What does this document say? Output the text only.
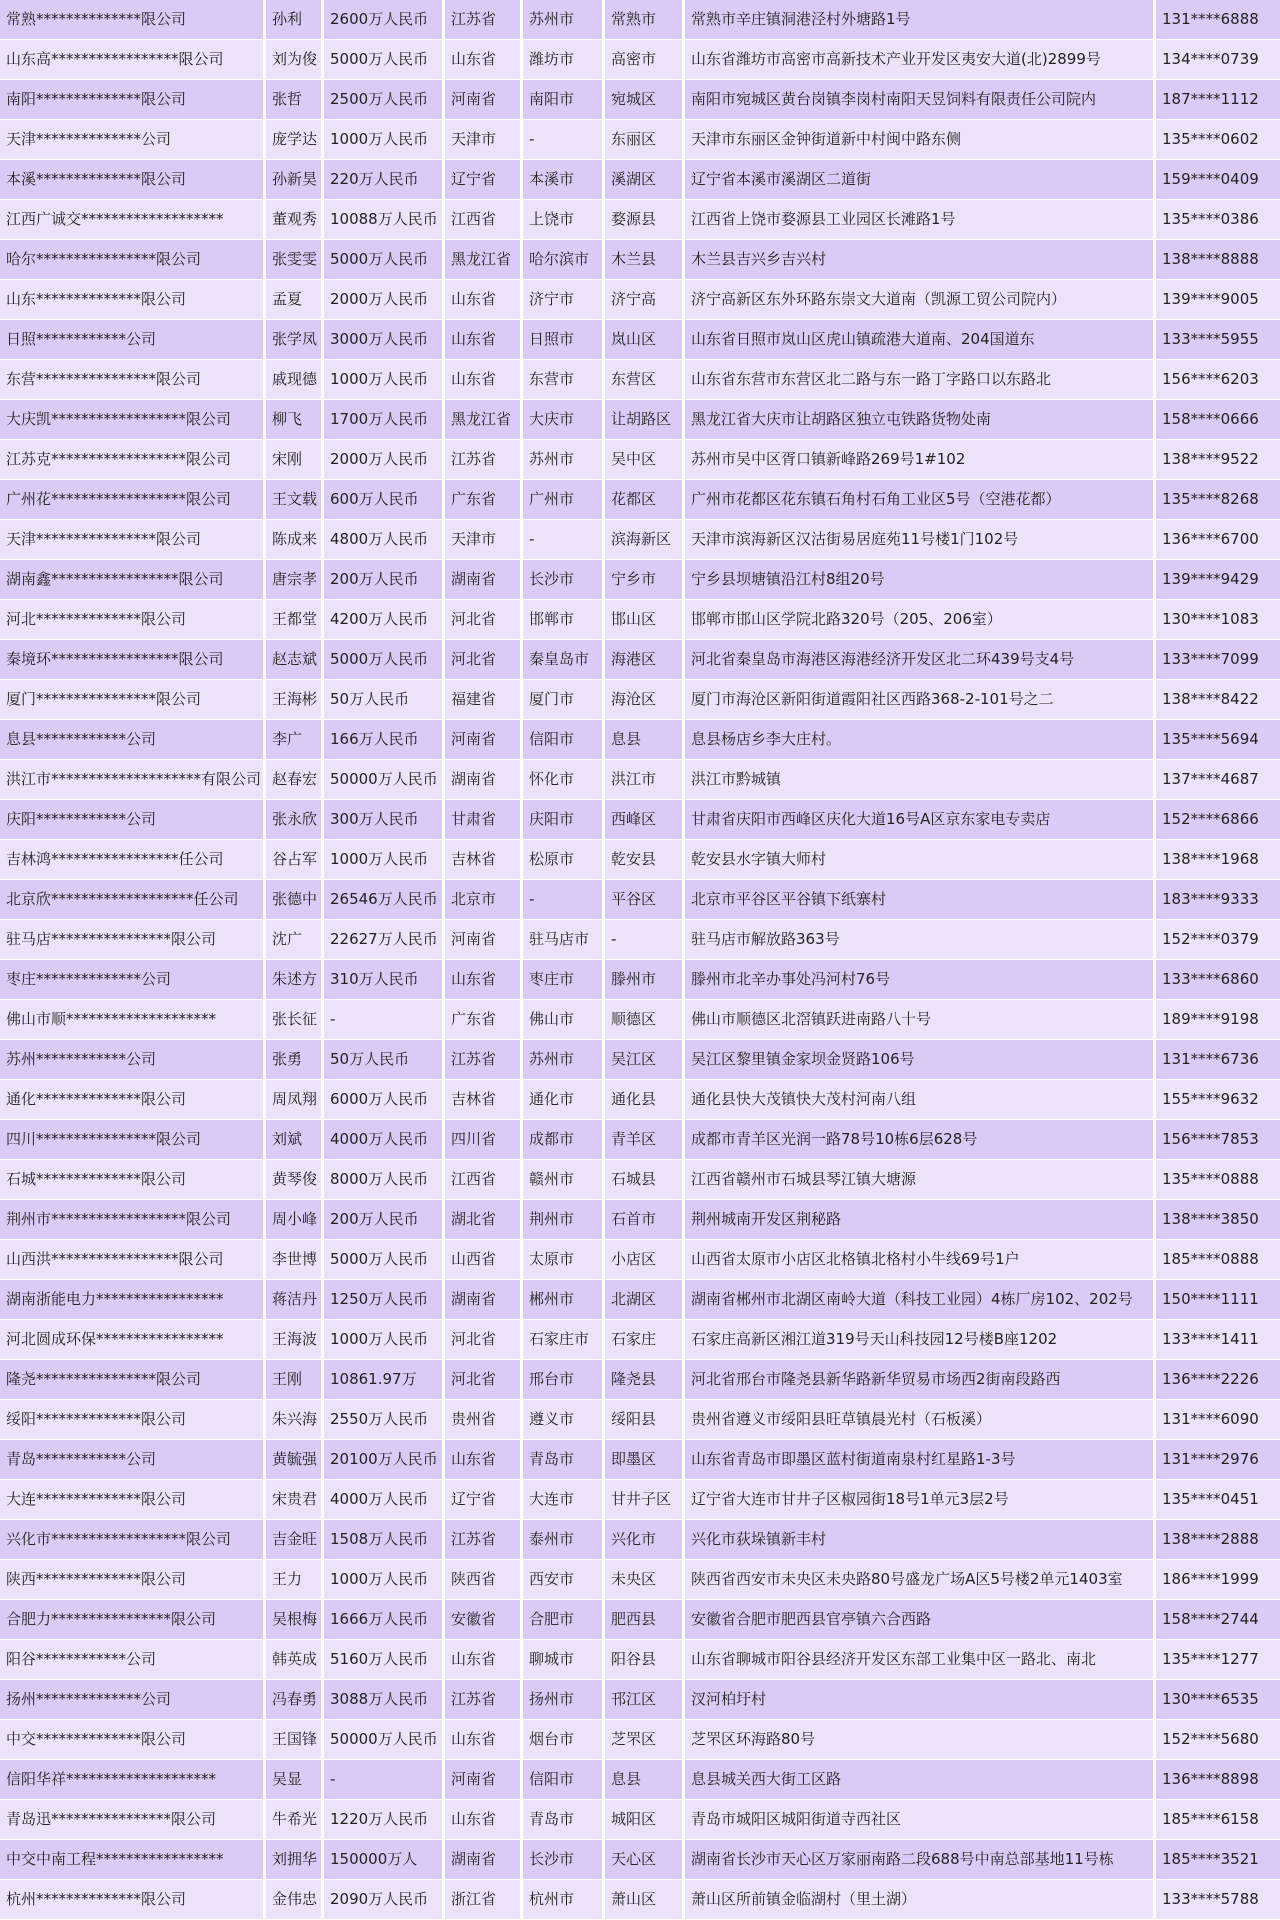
常熟**************限公司	孙利	2600万人民币	江苏省	苏州市	常熟市	常熟市辛庄镇洞港泾村外塘路1号	131****6888
山东高*****************限公司	刘为俊 5000万人民币	山东省	潍坊市	高密市	山东省潍坊市高密市高新技术产业开发区夷安大道(北)2899号	134****0739
南阳**************限公司	张哲	2500万人民币	河南省	南阳市	宛城区	南阳市宛城区黄台岗镇李岗村南阳天昱饲料有限责任公司院内	187****1112
天津**************公司	庞学达 1000万人民币	天津市	-	东丽区	天津市东丽区金钟街道新中村闽中路东侧	135****0602
本溪**************限公司	孙新昊 220万人民币	辽宁省	本溪市	溪湖区	辽宁省本溪市溪湖区二道街	159****0409
江西广诚交*******************	董观秀 10088万人民币 江西省	上饶市	婺源县	江西省上饶市婺源县工业园区长滩路1号	135****0386
哈尔****************限公司	张雯雯 5000万人民币	黑龙江省	哈尔滨市	木兰县	木兰县吉兴乡吉兴村	138****8888
山东**************限公司	孟夏	2000万人民币	山东省	济宁市	济宁高	济宁高新区东外环路东崇文大道南（凯源工贸公司院内）	139****9005
日照************公司	张学凤 3000万人民币	山东省	日照市	岚山区	山东省日照市岚山区虎山镇疏港大道南、204国道东	133****5955
东营****************限公司	戚现德 1000万人民币	山东省	东营市	东营区	山东省东营市东营区北二路与东一路丁字路口以东路北	156****6203
大庆凯******************限公司	柳飞	1700万人民币	黑龙江省	大庆市	让胡路区	黑龙江省大庆市让胡路区独立屯铁路货物处南	158****0666
江苏克******************限公司	宋刚	2000万人民币	江苏省	苏州市	吴中区	苏州市吴中区胥口镇新峰路269号1#102	138****9522
广州花******************限公司	王文载 600万人民币	广东省	广州市	花都区	广州市花都区花东镇石角村石角工业区5号（空港花都）	135****8268
天津****************限公司	陈成来 4800万人民币	天津市	-	滨海新区	天津市滨海新区汉沽街易居庭苑11号楼1门102号	136****6700
湖南鑫*****************限公司	唐宗孝 200万人民币	湖南省	长沙市	宁乡市	宁乡县坝塘镇沿江村8组20号	139****9429
河北**************限公司	王都堂 4200万人民币	河北省	邯郸市	邯山区	邯郸市邯山区学院北路320号（205、206室）	130****1083
秦境环*****************限公司	赵志斌 5000万人民币	河北省	秦皇岛市	海港区	河北省秦皇岛市海港区海港经济开发区北二环439号支4号	133****7099
厦门****************限公司	王海彬 50万人民币	福建省	厦门市	海沧区	厦门市海沧区新阳街道霞阳社区西路368-2-101号之二	138****8422
息县************公司	李广	166万人民币	河南省	信阳市	息县	息县杨店乡李大庄村。	135****5694
洪江市********************有限公司 赵春宏 50000万人民币 湖南省	怀化市	洪江市	洪江市黔城镇	137****4687
庆阳************公司	张永欣 300万人民币	甘肃省	庆阳市	西峰区	甘肃省庆阳市西峰区庆化大道16号A区京东家电专卖店	152****6866
吉林鸿*****************任公司	谷占军 1000万人民币	吉林省	松原市	乾安县	乾安县水字镇大师村	138****1968
北京欣*******************任公司	张德中 26546万人民币 北京市	-	平谷区	北京市平谷区平谷镇下纸寨村	183****9333
驻马店****************限公司	沈广	22627万人民币 河南省	驻马店市	-	驻马店市解放路363号	152****0379
枣庄**************公司	朱述方 310万人民币	山东省	枣庄市	滕州市	滕州市北辛办事处冯河村76号	133****6860
佛山市顺********************	张长征 -	广东省	佛山市	顺德区	佛山市顺德区北滘镇跃进南路八十号	189****9198
苏州************公司	张勇	50万人民币	江苏省	苏州市	吴江区	吴江区黎里镇金家坝金贤路106号	131****6736
通化**************限公司	周凤翔 6000万人民币	吉林省	通化市	通化县	通化县快大茂镇快大茂村河南八组	155****9632
四川****************限公司	刘斌	4000万人民币	四川省	成都市	青羊区	成都市青羊区光润一路78号10栋6层628号	156****7853
石城**************限公司	黄琴俊 8000万人民币	江西省	赣州市	石城县	江西省赣州市石城县琴江镇大塘源	135****0888
荆州市******************限公司	周小峰 200万人民币	湖北省	荆州市	石首市	荆州城南开发区荆秘路	138****3850
山西洪*****************限公司	李世博 5000万人民币	山西省	太原市	小店区	山西省太原市小店区北格镇北格村小牛线69号1户	185****0888
湖南浙能电力*****************	蒋洁丹 1250万人民币	湖南省	郴州市	北湖区	湖南省郴州市北湖区南岭大道（科技工业园）4栋厂房102、202号	150****1111
河北圆成环保*****************	王海波 1000万人民币	河北省	石家庄市	石家庄	石家庄高新区湘江道319号天山科技园12号楼B座1202	133****1411
隆尧****************限公司	王刚	10861.97万	河北省	邢台市	隆尧县	河北省邢台市隆尧县新华路新华贸易市场西2街南段路西	136****2226
绥阳**************限公司	朱兴海 2550万人民币	贵州省	遵义市	绥阳县	贵州省遵义市绥阳县旺草镇晨光村（石板溪）	131****6090
青岛************公司	黄毓强 20100万人民币 山东省	青岛市	即墨区	山东省青岛市即墨区蓝村街道南泉村红星路1-3号	131****2976
大连**************限公司	宋贵君 4000万人民币	辽宁省	大连市	甘井子区	辽宁省大连市甘井子区椒园街18号1单元3层2号	135****0451
兴化市******************限公司	吉金旺 1508万人民币	江苏省	泰州市	兴化市	兴化市荻垛镇新丰村	138****2888
陕西**************限公司	王力	1000万人民币	陕西省	西安市	未央区	陕西省西安市未央区未央路80号盛龙广场A区5号楼2单元1403室	186****1999
合肥力****************限公司	吴根梅 1666万人民币	安徽省	合肥市	肥西县	安徽省合肥市肥西县官亭镇六合西路	158****2744
阳谷************公司	韩英成 5160万人民币	山东省	聊城市	阳谷县	山东省聊城市阳谷县经济开发区东部工业集中区一路北、南北	135****1277
扬州**************公司	冯春勇 3088万人民币	江苏省	扬州市	邗江区	汊河柏圩村	130****6535
中交**************限公司	王国锋 50000万人民币 山东省	烟台市	芝罘区	芝罘区环海路80号	152****5680
信阳华祥********************	吴显	-	河南省	信阳市	息县	息县城关西大街工区路	136****8898
青岛迅****************限公司	牛希光 1220万人民币	山东省	青岛市	城阳区	青岛市城阳区城阳街道寺西社区	185****6158
中交中南工程*****************	刘拥华 150000万人	湖南省	长沙市	天心区	湖南省长沙市天心区万家丽南路二段688号中南总部基地11号栋	185****3521
杭州**************限公司	金伟忠 2090万人民币	浙江省	杭州市	萧山区	萧山区所前镇金临湖村（里土湖）	133****5788
